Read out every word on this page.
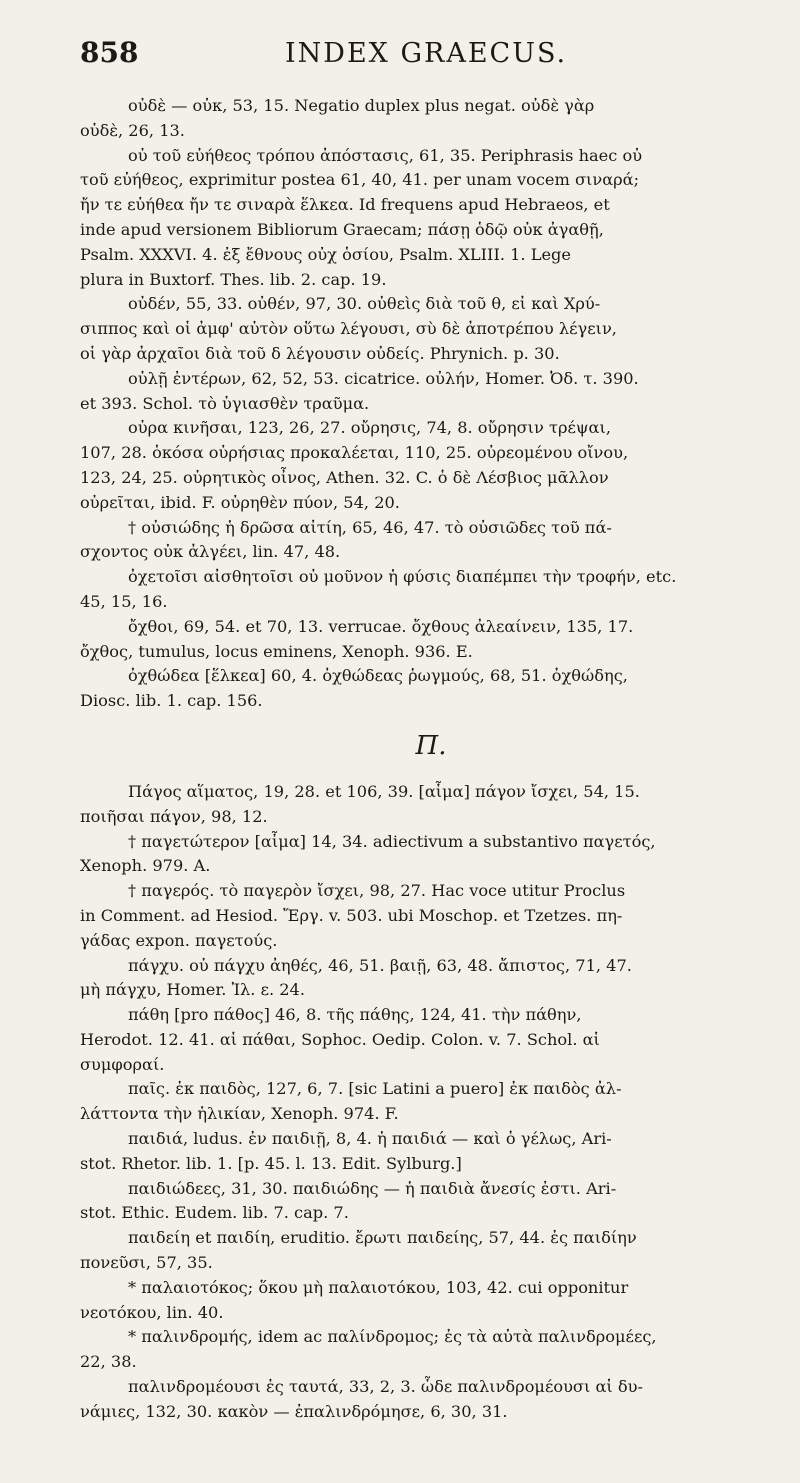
858	INDEX GRAECUS.

οὐδὲ — οὐκ, 53, 15. Negatio duplex plus negat. οὐδὲ γὰρ

οὐδὲ, 26, 13.

οὐ τοῦ εὐήθεος τρόπου ἀπόστασις, 61, 35. Periphrasis haec οὐ

τοῦ εὐήθεος, exprimitur postea 61, 40, 41. per unam vocem σιναρά;

ἤν τε εὐήθεα ἤν τε σιναρὰ ἕλκεα. Id frequens apud Hebraeos, et

inde apud versionem Bibliorum Graecam; πάσῃ ὁδῷ οὐκ ἀγαθῇ,

Psalm. XXXVI. 4. ἐξ ἔθνους οὐχ ὁσίου, Psalm. XLIII. 1. Lege

plura in Buxtorf. Thes. lib. 2. cap. 19.

οὐδέν, 55, 33. οὐθέν, 97, 30. οὐθεὶς διὰ τοῦ θ, εἰ καὶ Χρύ-

σιππος καὶ οἱ ἀμφ' αὐτὸν οὕτω λέγουσι, σὺ δὲ ἀποτρέπου λέγειν,

οἱ γὰρ ἀρχαῖοι διὰ τοῦ δ λέγουσιν οὐδείς. Phrynich. p. 30.

οὐλῇ ἐντέρων, 62, 52, 53. cicatrice. οὐλήν, Homer. Ὀδ. τ. 390.

et 393. Schol. τὸ ὑγιασθὲν τραῦμα.

οὐρα κινῆσαι, 123, 26, 27. οὔρησις, 74, 8. οὔρησιν τρέψαι,

107, 28. ὁκόσα οὐρήσιας προκαλέεται, 110, 25. οὐρεομένου οἴνου,

123, 24, 25. οὐρητικὸς οἶνος, Athen. 32. C. ὁ δὲ Λέσβιος μᾶλλον

οὐρεῖται, ibid. F. οὐρηθὲν πύον, 54, 20.

† οὐσιώδης ἡ δρῶσα αἰτίη, 65, 46, 47. τὸ οὐσιῶδες τοῦ πά-

σχοντος οὐκ ἀλγέει, lin. 47, 48.

ὀχετοῖσι αἰσθητοῖσι οὐ μοῦνον ἡ φύσις διαπέμπει τὴν τροφήν, etc.

45, 15, 16.

ὄχθοι, 69, 54. et 70, 13. verrucae. ὄχθους ἀλεαίνειν, 135, 17.

ὄχθος, tumulus, locus eminens, Xenoph. 936. E.

ὀχθώδεα [ἕλκεα] 60, 4. ὀχθώδεας ῥωγμούς, 68, 51. ὀχθώδης,

Diosc. lib. 1. cap. 156.

Π.

Πάγος αἵματος, 19, 28. et 106, 39. [αἷμα] πάγον ἴσχει, 54, 15.

ποιῆσαι πάγον, 98, 12.

† παγετώτερον [αἷμα] 14, 34. adiectivum a substantivo παγετός,

Xenoph. 979. A.

† παγερός. τὸ παγερὸν ἴσχει, 98, 27. Hac voce utitur Proclus

in Comment. ad Hesiod. Ἔργ. v. 503. ubi Moschop. et Tzetzes. πη-

γάδας expon. παγετούς.

πάγχυ. οὐ πάγχυ ἀηθές, 46, 51. βαιῇ, 63, 48. ἄπιστος, 71, 47.

μὴ πάγχυ, Homer. Ἰλ. ε. 24.

πάθη [pro πάθος] 46, 8. τῆς πάθης, 124, 41. τὴν πάθην,

Herodot. 12. 41. αἱ πάθαι, Sophoc. Oedip. Colon. v. 7. Schol. αἱ

συμφοραί.

παῖς. ἐκ παιδὸς, 127, 6, 7. [sic Latini a puero] ἐκ παιδὸς ἀλ-

λάττοντα τὴν ἡλικίαν, Xenoph. 974. F.

παιδιά, ludus. ἐν παιδιῇ, 8, 4. ἡ παιδιά — καὶ ὁ γέλως, Ari-

stot. Rhetor. lib. 1. [p. 45. l. 13. Edit. Sylburg.]

παιδιώδεες, 31, 30. παιδιώδης — ἡ παιδιὰ ἄνεσίς ἐστι. Ari-

stot. Ethic. Eudem. lib. 7. cap. 7.

παιδείη et παιδίη, eruditio. ἔρωτι παιδείης, 57, 44. ἐς παιδίην

πονεῦσι, 57, 35.

* παλαιοτόκος; ὅκου μὴ παλαιοτόκου, 103, 42. cui opponitur

νεοτόκου, lin. 40.

* παλινδρομής, idem ac παλίνδρομος; ἐς τὰ αὐτὰ παλινδρομέες,

22, 38.

παλινδρομέουσι ἐς ταυτά, 33, 2, 3. ὧδε παλινδρομέουσι αἱ δυ-

νάμιες, 132, 30. κακὸν — ἐπαλινδρόμησε, 6, 30, 31.
